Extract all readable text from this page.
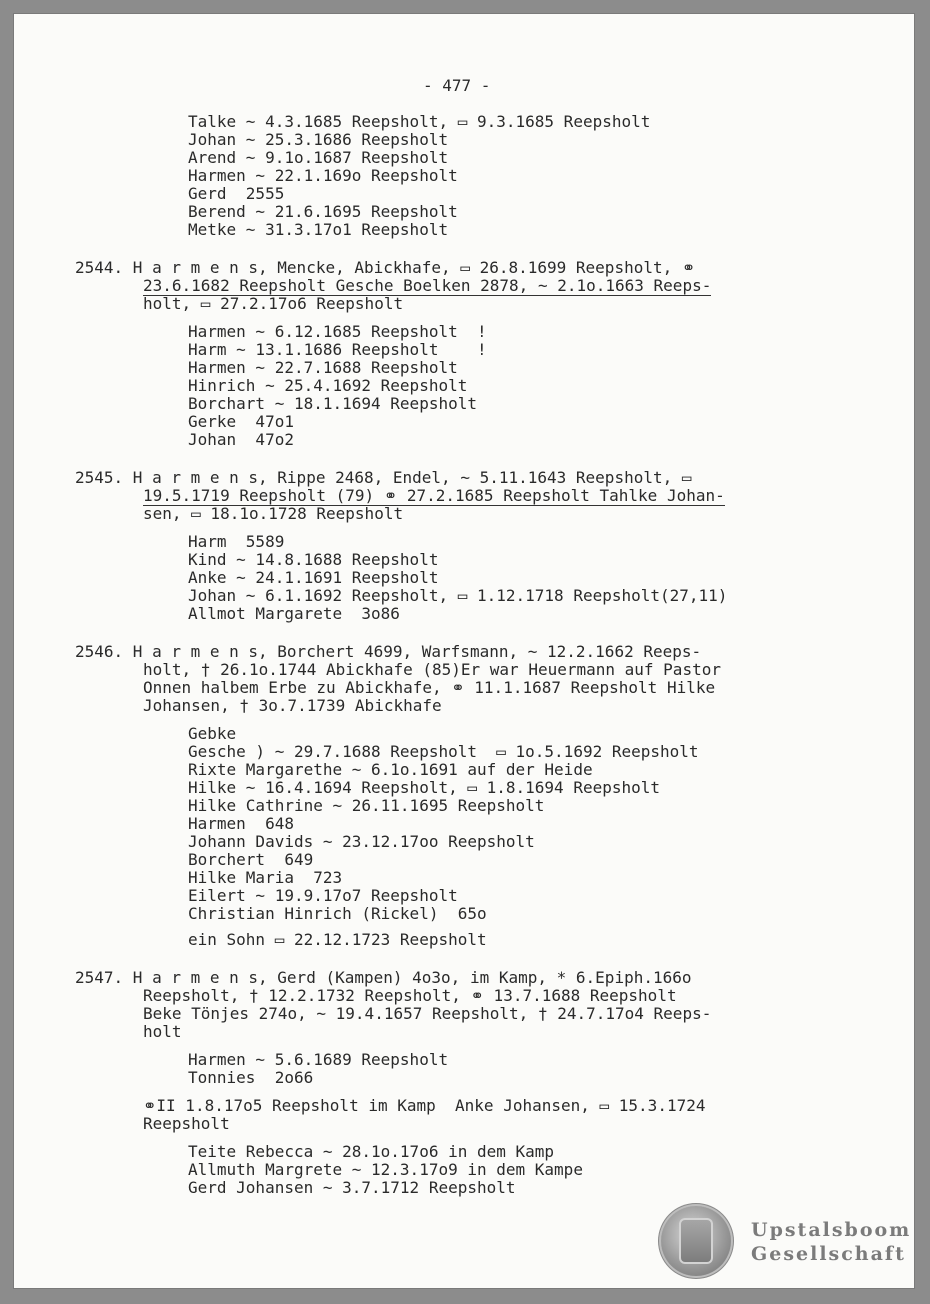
- 477 -
Talke ~ 4.3.1685 Reepsholt, ▭ 9.3.1685 Reepsholt
Johan ~ 25.3.1686 Reepsholt
Arend ~ 9.1o.1687 Reepsholt
Harmen ~ 22.1.169o Reepsholt
Gerd  2555
Berend ~ 21.6.1695 Reepsholt
Metke ~ 31.3.17o1 Reepsholt
2544. H a r m e n s, Mencke, Abickhafe, ▭ 26.8.1699 Reepsholt, ⚭
23.6.1682 Reepsholt Gesche Boelken 2878, ~ 2.1o.1663 Reeps-
holt, ▭ 27.2.17o6 Reepsholt
Harmen ~ 6.12.1685 Reepsholt  !
Harm ~ 13.1.1686 Reepsholt    !
Harmen ~ 22.7.1688 Reepsholt
Hinrich ~ 25.4.1692 Reepsholt
Borchart ~ 18.1.1694 Reepsholt
Gerke  47o1
Johan  47o2
2545. H a r m e n s, Rippe 2468, Endel, ~ 5.11.1643 Reepsholt, ▭
19.5.1719 Reepsholt (79) ⚭ 27.2.1685 Reepsholt Tahlke Johan-
sen, ▭ 18.1o.1728 Reepsholt
Harm  5589
Kind ~ 14.8.1688 Reepsholt
Anke ~ 24.1.1691 Reepsholt
Johan ~ 6.1.1692 Reepsholt, ▭ 1.12.1718 Reepsholt(27,11)
Allmot Margarete  3o86
2546. H a r m e n s, Borchert 4699, Warfsmann, ~ 12.2.1662 Reeps-
holt, † 26.1o.1744 Abickhafe (85)Er war Heuermann auf Pastor
Onnen halbem Erbe zu Abickhafe, ⚭ 11.1.1687 Reepsholt Hilke
Johansen, † 3o.7.1739 Abickhafe
Gebke
Gesche ) ~ 29.7.1688 Reepsholt  ▭ 1o.5.1692 Reepsholt
Rixte Margarethe ~ 6.1o.1691 auf der Heide
Hilke ~ 16.4.1694 Reepsholt, ▭ 1.8.1694 Reepsholt
Hilke Cathrine ~ 26.11.1695 Reepsholt
Harmen  648
Johann Davids ~ 23.12.17oo Reepsholt
Borchert  649
Hilke Maria  723
Eilert ~ 19.9.17o7 Reepsholt
Christian Hinrich (Rickel)  65o
ein Sohn ▭ 22.12.1723 Reepsholt
2547. H a r m e n s, Gerd (Kampen) 4o3o, im Kamp, * 6.Epiph.166o
Reepsholt, † 12.2.1732 Reepsholt, ⚭ 13.7.1688 Reepsholt
Beke Tönjes 274o, ~ 19.4.1657 Reepsholt, † 24.7.17o4 Reeps-
holt
Harmen ~ 5.6.1689 Reepsholt
Tonnies  2o66
⚭II 1.8.17o5 Reepsholt im Kamp  Anke Johansen, ▭ 15.3.1724
Reepsholt
Teite Rebecca ~ 28.1o.17o6 in dem Kamp
Allmuth Margrete ~ 12.3.17o9 in dem Kampe
Gerd Johansen ~ 3.7.1712 Reepsholt
Upstalsboom
Gesellschaft
